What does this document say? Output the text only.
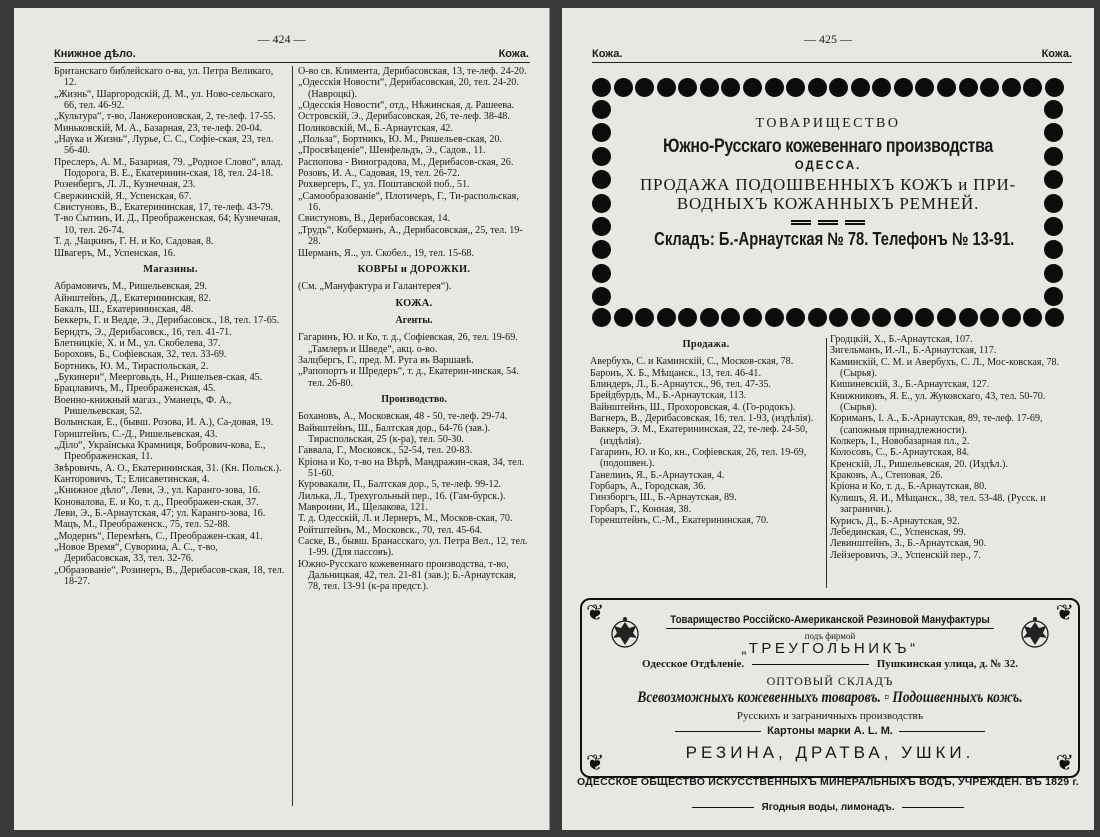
— 424 —
Книжное дѣло.	Кожа.
Британскаго библейскаго о-ва, ул. Петра Великаго, 12.
„Жизнь“, Шаргородскій, Д. М., ул. Ново-сельскаго, 66, тел. 46-92.
„Культура“, т-во, Ланжероновская, 2, те-леф. 17-55.
Миньковскій, М. А., Базарная, 23, те-леф. 20-04.
„Наука и Жизнь“, Лурье, С. С., Софіе-ская, 23, тел. 56-40.
Преслеръ, А. М., Базарная, 79. „Родное Слово“, влад. Подорога, В. Е., Екатеринин-ская, 18, тел. 24-18.
Розенбергъ, Л. Л., Кузнечная, 23.
Свержинскій, Я., Успенская, 67.
Свистуновъ, В., Екатерининская, 17, те-леф. 43-79.
Т-во Сытинъ, И. Д., Преображенская, 64; Кузнечная, 10, тел. 26-74.
Т. д. „Чацкинъ, Г. Н. и Ко, Садовая, 8.
Швагеръ, М., Успенская, 16.
Магазины.
Абрамовичъ, М., Ришельевская, 29.
Айнштейнъ, Д., Екатерининская, 82.
Бакалъ, Ш., Екатерининская, 48.
Беккеръ, Г. и Ведде, Э., Дерибасовск., 18, тел. 17-65.
Берндтъ, Э., Дерибасовск., 16, тел. 41-71.
Блетницкіе, Х. и М., ул. Скобелева, 37.
Бороховъ, Б., Софіевская, 32, тел. 33-69.
Бортникъ, Ю. М., Тираспольская, 2.
„Букинери“, Меерговьдъ, Н., Ришельев-ская, 45.
Брацлавичъ, М., Преображенская, 45.
Военно-книжный магаз., Уманецъ, Ф. А., Ришельевская, 52.
Волынская, Е., (бывш. Розова, И. А.), Са-довая, 19.
Горнштейнъ, С.-Д., Ришельевская, 43.
„Діло“, Українська Крамниця, Бобрович-кова, Е., Преображенская, 11.
Звѣровичъ, А. О., Екатерининская, 31. (Кн. Польск.).
Канторовичъ, Т.; Елисаветинская, 4.
„Книжное дѣло“, Леви, Э., ул. Каранго-зова, 16.
Коновалова, Е. и Ко, т. д., Преображен-ская, 37.
Леви, Э., Б.-Арнаутская, 47; ул. Каранго-зова, 16.
Мацъ, М., Преображенск., 75, тел. 52-88.
„Модернъ“, Перемѣнъ, С., Преображен-ская, 41.
„Новое Время“, Суворина, А. С., т-во, Дерибасовская, 33, тел. 32-76.
„Образованіе“, Розинеръ, В., Дерибасов-ская, 18, тел. 18-27.
О-во св. Климента, Дерибасовская, 13, те-леф. 24-20.
„Одесскія Новости“, Дерибасовская, 20, тел. 24-20. (Навроцкі).
„Одесскія Новости“, отд., Нѣжинская, д. Рашеева.
Островскій, Э., Дерибасовская, 26, те-леф. 38-48.
Поликовскій, М., Б.-Арнаутская, 42.
„Польза“, Бортникъ, Ю. М., Ришельев-ская, 20.
„Просвѣщеніе“, Шенфельдъ, Э., Садов., 11.
Распопова - Виноградова, М., Дерибасов-ская, 26.
Розовъ, И. А., Садовая, 19, тел. 26-72.
Рохвергеръ, Г., ул. Поштавской поб., 51.
„Самообразованіе“, Плотичеръ, Г., Ти-распольская, 16.
Свистуновъ, В., Дерибасовская, 14.
„Трудъ“, Коберманъ, А., Дерибасовская,, 25, тел. 19-28.
Шерманъ, Я.., ул. Скобел., 19, тел. 15-68.
КОВРЫ и ДОРОЖКИ.
(См. „Мануфактура и Галантерея“).
КОЖА.
Агенты.
Гагаринъ, Ю. и Ко, т. д., Софіевская, 26, тел. 19-69. „Тамлеръ и Шведе“, акц. о-во.
Залцбергъ, Г., пред. М. Руга въ Варшавѣ.
„Рапопортъ и Шредеръ“, т. д., Екатерин-инская, 54. тел. 26-80.
Производство.
Бохановъ, А., Московская, 48 - 50, те-леф. 29-74.
Вайнштейнъ, Ш., Балтская дор., 64-76 (зав.). Тираспольская, 25 (к-ра), тел. 50-30.
Гаввала, Г., Московск., 52-54, тел. 20-83.
Кріона и Ко, т-во на Вѣрѣ, Мандражин-ская, 34, тел. 51-60.
Куровакали, П., Балтская дор., 5, те-леф. 99-12.
Лилька, Л., Трехугольный пер., 16. (Гам-бурск.).
Мавроини, И., Щелакова, 121.
Т. д. Одесскій, Л. и Лернеръ, М., Москов-ская, 70.
Ройтштейнъ, М., Московск., 70, тел. 45-64.
Саске, В., бывш. Бранасскаго, ул. Петра Вел., 12, тел. 1-99. (Для пассовъ).
Южно-Русскаго кожевеннаго производства, т-во, Дальницкая, 42, тел. 21-81 (зав.); Б.-Арнаутская, 78, тел. 13-91 (к-ра предст.).
— 425 —
Кожа.	Кожа.
ТОВАРИЩЕСТВО
Южно-Русскаго кожевеннаго производства
ОДЕССА.
ПРОДАЖА ПОДОШВЕННЫХЪ КОЖЪ и ПРИ-ВОДНЫХЪ КОЖАННЫХЪ РЕМНЕЙ.
Складъ: Б.-Арнаутская № 78. Телефонъ № 13-91.
Продажа.
Авербухъ, С. и Каминскій, С., Москов-ская, 78.
Баронъ, Х. Б., Мѣщанск., 13, тел. 46-41.
Блиндеръ, Л., Б.-Арнаутск., 96, тел. 47-35.
Брейдбурдъ, М., Б.-Арнаутская, 113.
Вайнштейнъ, Ш., Прохоровская, 4. (Го-родокъ).
Вагнеръ, В., Дерибасовская, 16, тел. 1-93, (издѣлія).
Ваккеръ, Э. М., Екатерининская, 22, те-леф. 24-50, (издѣлія).
Гагаринъ, Ю. и Ко, кн., Софіевская, 26, тел. 19-69, (подошвен.).
Ганелинъ, Я., Б.-Арнаутская, 4.
Горбаръ, А., Городская, 36.
Гинзборгъ, Ш., Б.-Арнаутская, 89.
Горбаръ, Г., Конная, 38.
Горенштейнъ, С.-М., Екатерининская, 70.
Гродцкій, Х., Б.-Арнаутская, 107.
Зигельманъ, И.-Л., Б.-Арнаутская, 117.
Каминскій, С. М. и Авербухъ, С. Л., Мос-ковская, 78. (Сырья).
Кишиневскій, З., Б.-Арнаутская, 127.
Книжниковъ, Я. Е., ул. Жуковскаго, 43, тел. 50-70. (Сырья).
Кориманъ, І. А., Б.-Арнаутская, 89, те-леф. 17-69, (сапожныя принадлежности).
Колкеръ, І., Новобазарная пл., 2.
Колосовъ, С., Б.-Арнаутская, 84.
Кренскій, Л., Ришельевская, 20. (Издѣл.).
Краковъ, А., Степовая, 26.
Кріона и Ко, т. д., Б.-Арнаутская, 80.
Кулишъ, Я. И., Мѣщанск., 38, тел. 53-48. (Русск. и заграничн.).
Курисъ, Д., Б.-Арнаутская, 92.
Лебединская, С., Успенская, 99.
Левинштейнъ, З., Б.-Арнаутская, 90.
Лейзеровичъ, Э., Успенскій пер., 7.
❦	❦
❦	❦
Товарищество Россійско-Американской Резиновой Мануфактуры
подъ фирмой
„ТРЕУГОЛЬНИКЪ“
Одесское Отдѣленіе.	Пушкинская улица, д. № 32.
ОПТОВЫЙ СКЛАДЪ
Всевозможныхъ кожевенныхъ товаровъ. ▫ Подошвенныхъ кожъ.
Русскихъ и заграничныхъ производствъ
Картоны марки А. L. М.
РЕЗИНА, ДРАТВА, УШКИ.
ОДЕССКОЕ ОБЩЕСТВО ИСКУССТВЕННЫХЪ МИНЕРАЛЬНЫХЪ ВОДЪ, УЧРЕЖДЕН. ВЪ 1829 г.
Ягодныя воды, лимонадъ.
